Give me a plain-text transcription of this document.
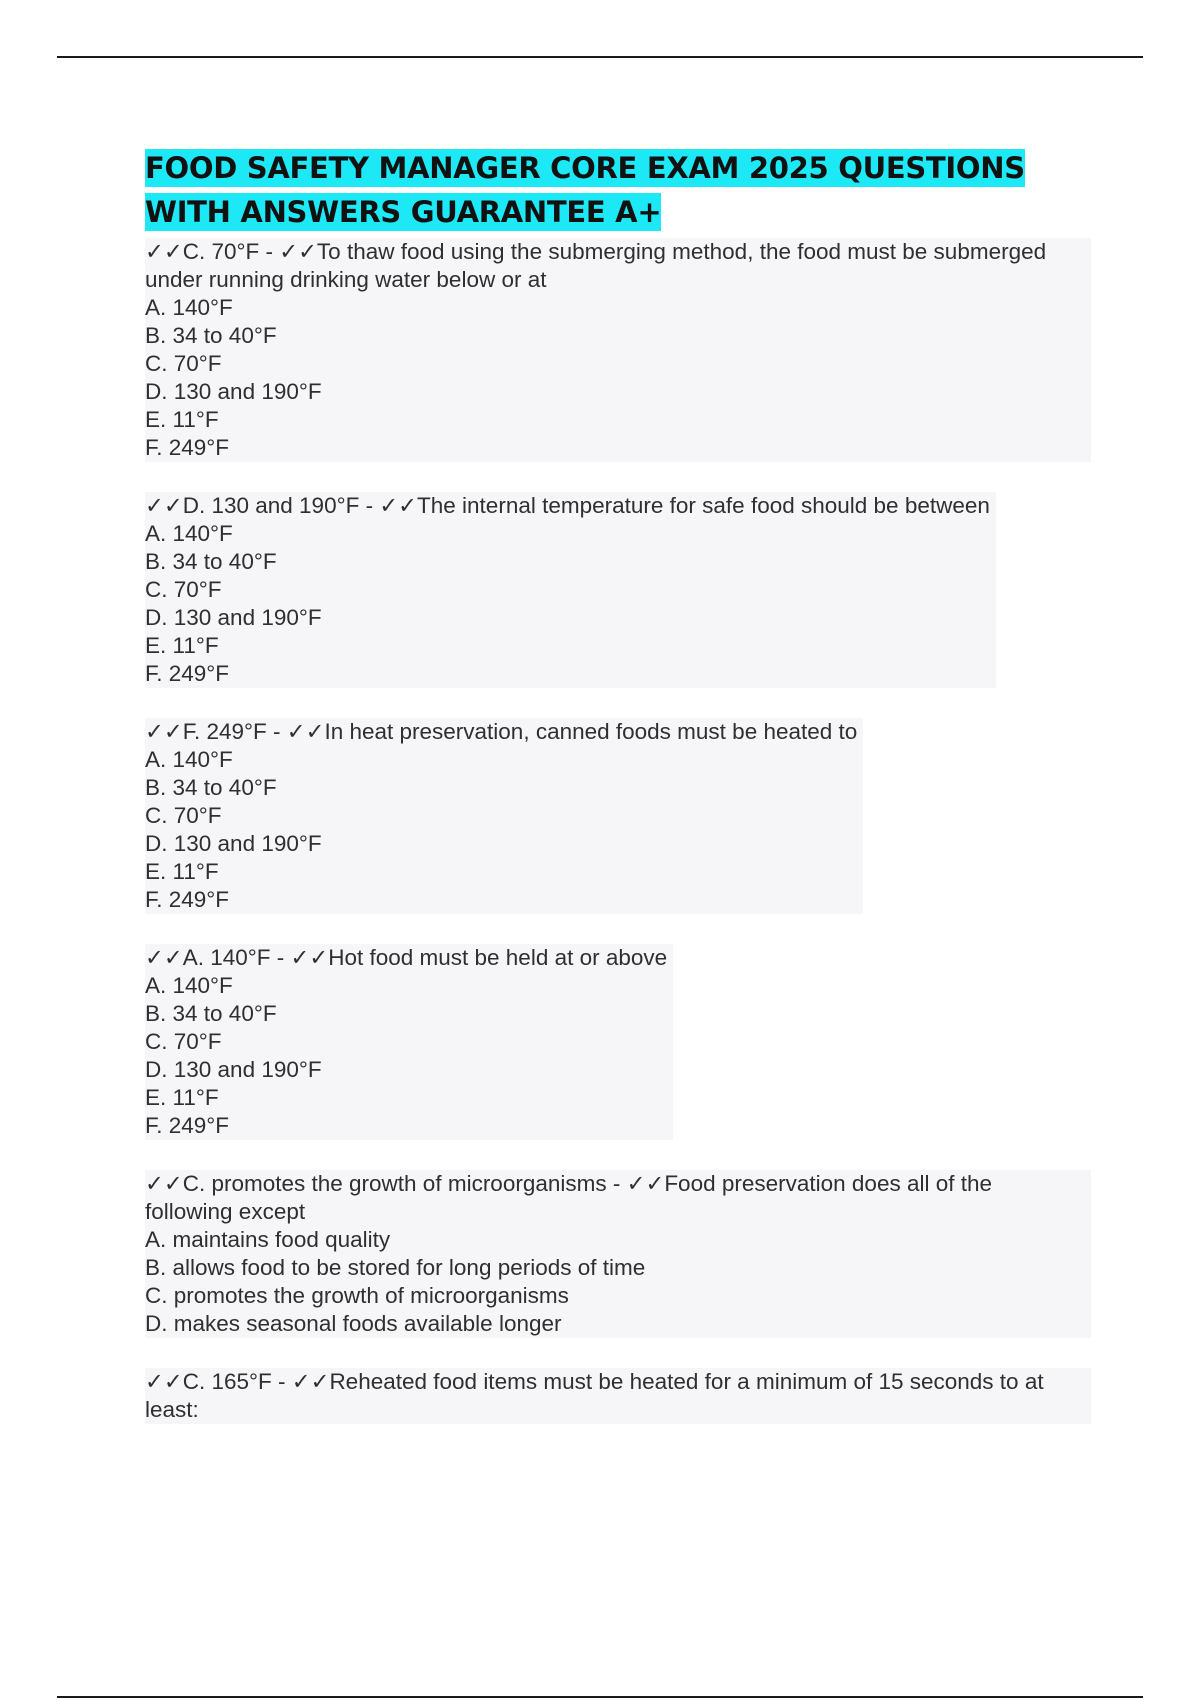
FOOD SAFETY MANAGER CORE EXAM 2025 QUESTIONS
WITH ANSWERS GUARANTEE A+
✓✓C. 70°F - ✓✓To thaw food using the submerging method, the food must be submerged under running drinking water below or at
A. 140°F
B. 34 to 40°F
C. 70°F
D. 130 and 190°F
E. 11°F
F. 249°F
✓✓D. 130 and 190°F - ✓✓The internal temperature for safe food should be between
A. 140°F
B. 34 to 40°F
C. 70°F
D. 130 and 190°F
E. 11°F
F. 249°F
✓✓F. 249°F - ✓✓In heat preservation, canned foods must be heated to
A. 140°F
B. 34 to 40°F
C. 70°F
D. 130 and 190°F
E. 11°F
F. 249°F
✓✓A. 140°F - ✓✓Hot food must be held at or above
A. 140°F
B. 34 to 40°F
C. 70°F
D. 130 and 190°F
E. 11°F
F. 249°F
✓✓C. promotes the growth of microorganisms - ✓✓Food preservation does all of the following except
A. maintains food quality
B. allows food to be stored for long periods of time
C. promotes the growth of microorganisms
D. makes seasonal foods available longer
✓✓C. 165°F - ✓✓Reheated food items must be heated for a minimum of 15 seconds to at least:
